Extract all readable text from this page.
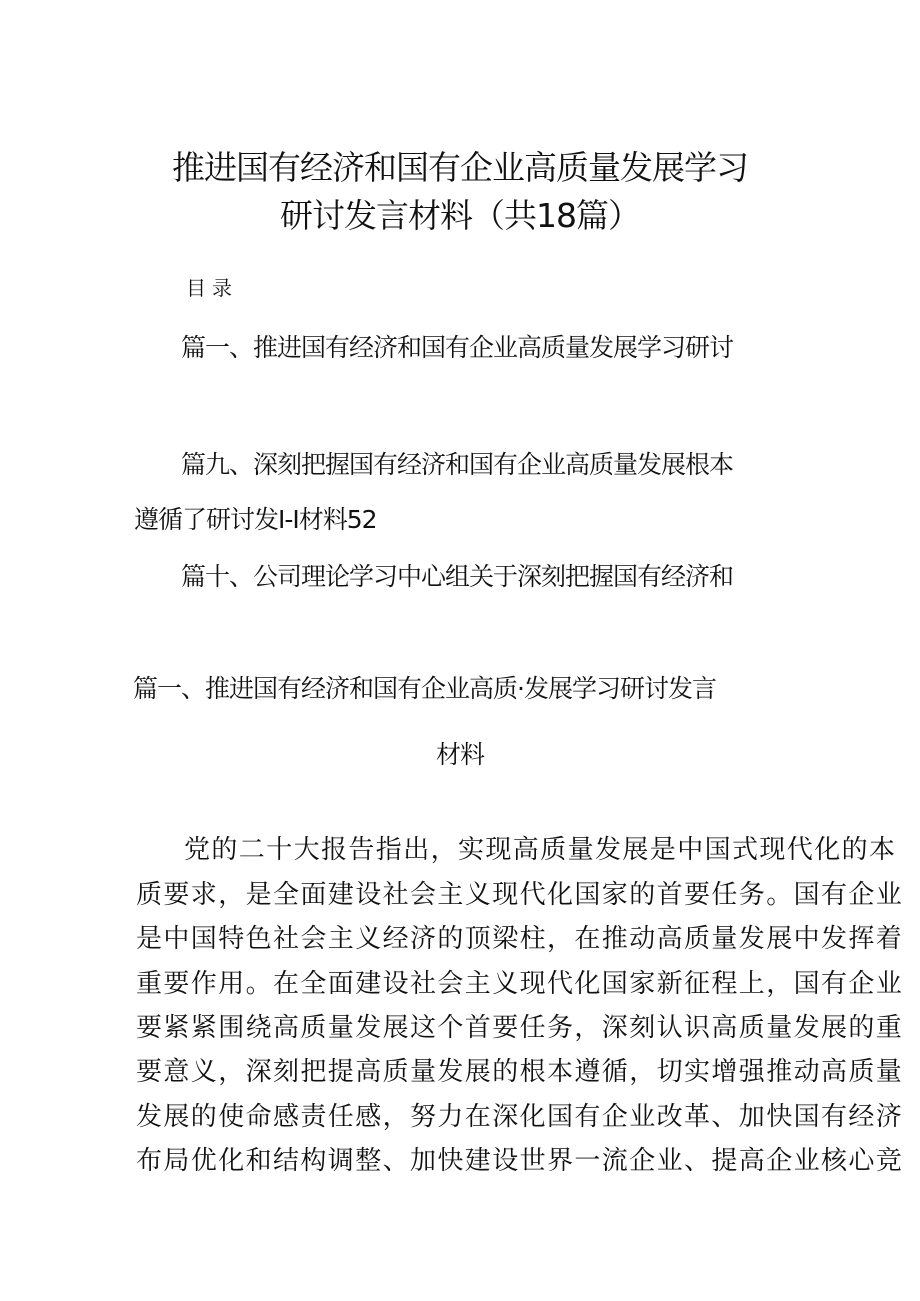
推进国有经济和国有企业高质量发展学习
研讨发言材料（共18篇）
目录
篇一、推进国有经济和国有企业高质量发展学习研讨
篇九、深刻把握国有经济和国有企业高质量发展根本
遵循了研讨发I-I材料52
篇十、公司理论学习中心组关于深刻把握国有经济和
篇一、推进国有经济和国有企业高质·发展学习研讨发言
材料
党的二十大报告指出，实现高质量发展是中国式现代化的本
质要求，是全面建设社会主义现代化国家的首要任务。国有企业
是中国特色社会主义经济的顶梁柱，在推动高质量发展中发挥着
重要作用。在全面建设社会主义现代化国家新征程上，国有企业
要紧紧围绕高质量发展这个首要任务，深刻认识高质量发展的重
要意义，深刻把提高质量发展的根本遵循，切实增强推动高质量
发展的使命感责任感，努力在深化国有企业改革、加快国有经济
布局优化和结构调整、加快建设世界一流企业、提高企业核心竞
